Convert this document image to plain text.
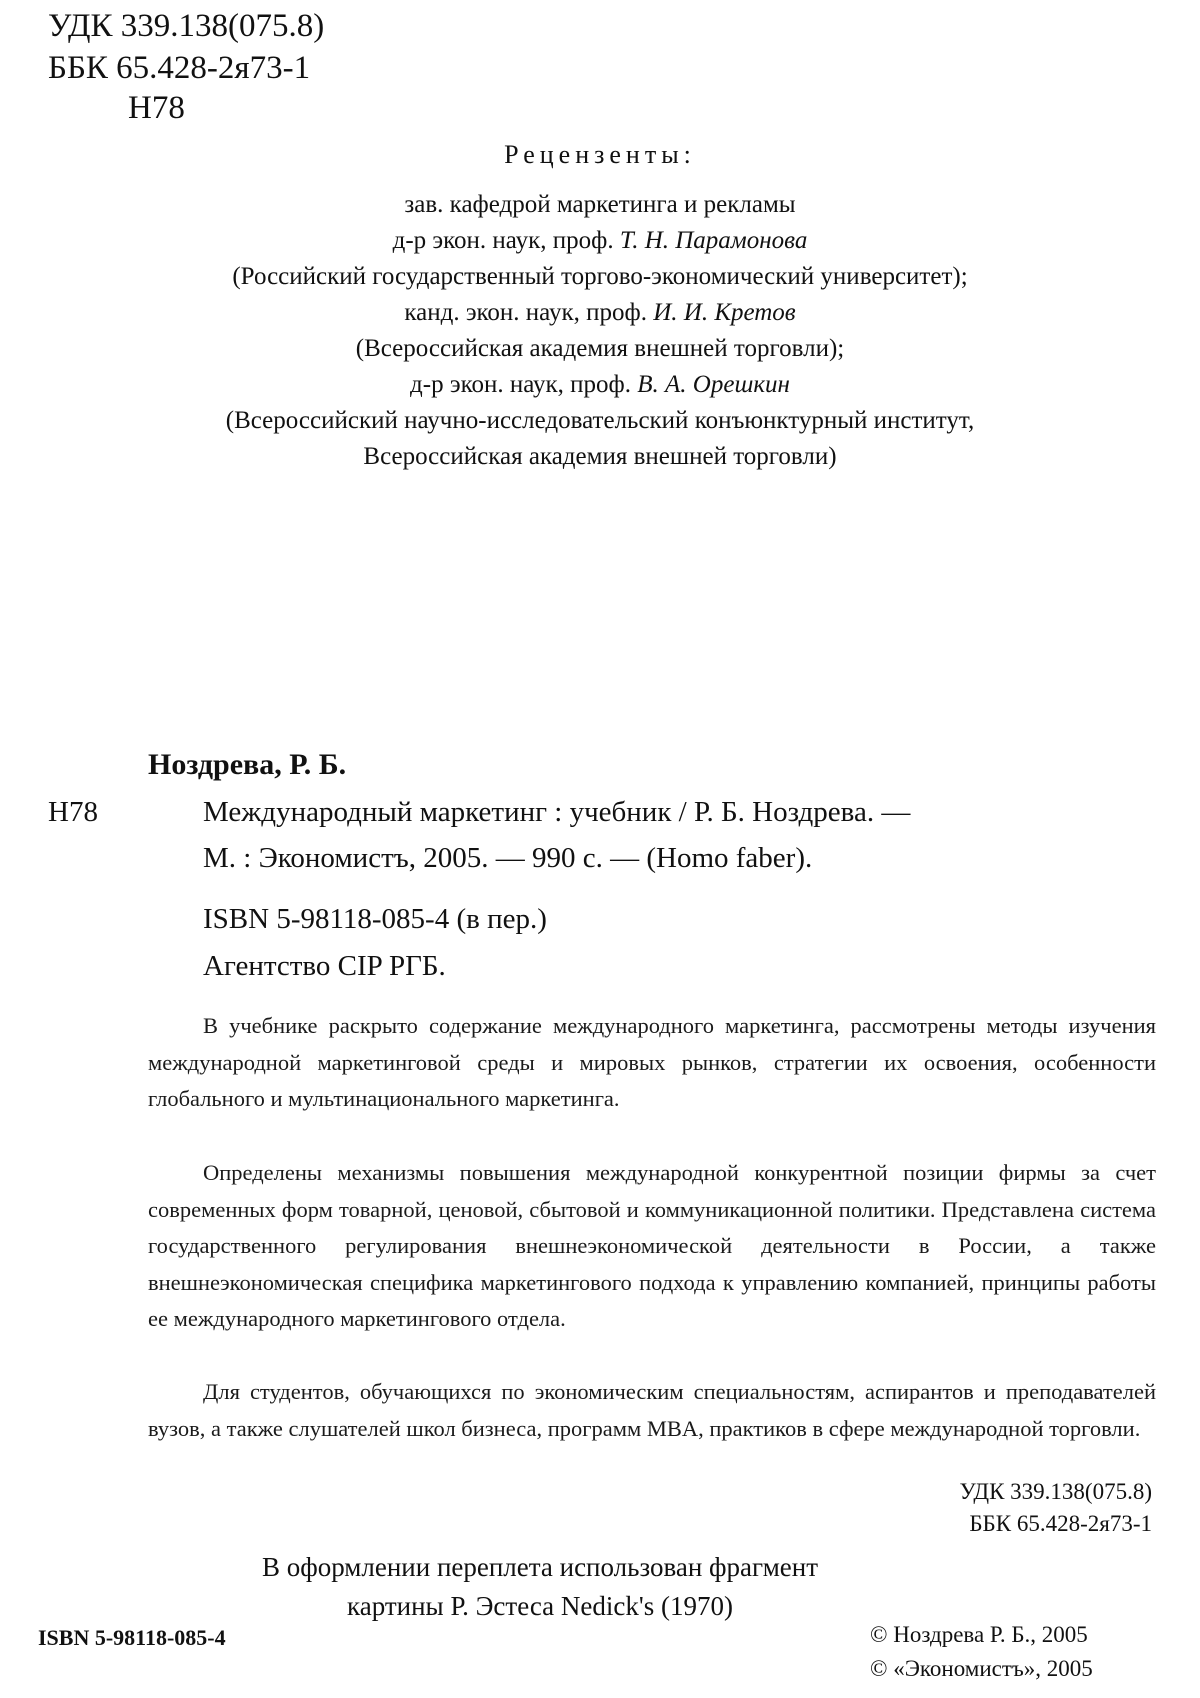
УДК 339.138(075.8)
ББК 65.428-2я73-1
Н78
Рецензенты:
зав. кафедрой маркетинга и рекламы
д-р экон. наук, проф. Т. Н. Парамонова
(Российский государственный торгово-экономический университет);
канд. экон. наук, проф. И. И. Кретов
(Всероссийская академия внешней торговли);
д-р экон. наук, проф. В. А. Орешкин
(Всероссийский научно-исследовательский конъюнктурный институт,
Всероссийская академия внешней торговли)
Ноздрева, Р. Б.
Н78	Международный маркетинг : учебник / Р. Б. Ноздрева. —
М. : Экономистъ, 2005. — 990 с. — (Homo faber).
ISBN 5-98118-085-4 (в пер.)
Агентство CIP РГБ.

В учебнике раскрыто содержание международного маркетинга, рассмотрены методы изучения международной маркетинговой среды и мировых рынков, стратегии их освоения, особенности глобального и мультинационального маркетинга.

Определены механизмы повышения международной конкурентной позиции фирмы за счет современных форм товарной, ценовой, сбытовой и коммуникационной политики. Представлена система государственного регулирования внешнеэкономической деятельности в России, а также внешнеэкономическая специфика маркетингового подхода к управлению компанией, принципы работы ее международного маркетингового отдела.

Для студентов, обучающихся по экономическим специальностям, аспирантов и преподавателей вузов, а также слушателей школ бизнеса, программ MBA, практиков в сфере международной торговли.

УДК 339.138(075.8)
ББК 65.428-2я73-1
В оформлении переплета использован фрагмент
картины Р. Эстеса Nedick's (1970)
ISBN 5-98118-085-4	© Ноздрева Р. Б., 2005
© «Экономистъ», 2005
